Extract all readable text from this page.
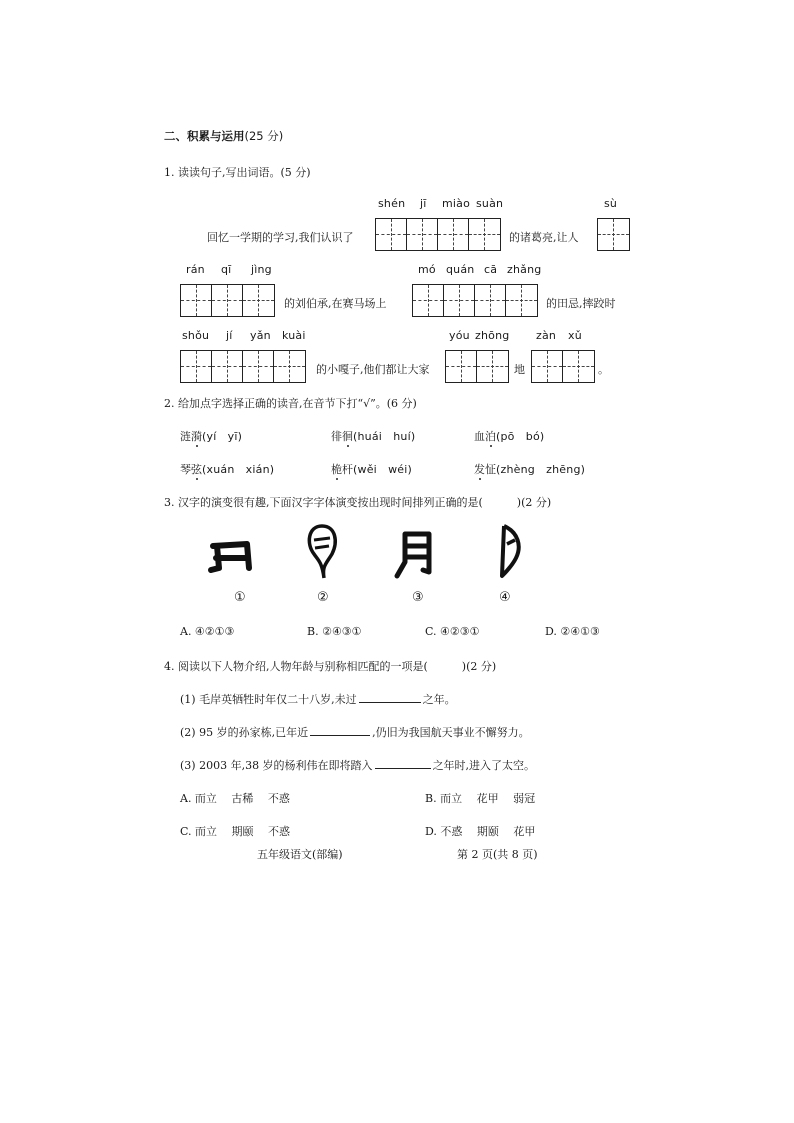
二、积累与运用(25 分)
1. 读读句子,写出词语。(5 分)
shén jī miào suàn	sù
回忆一学期的学习,我们认识了	的诸葛亮,让人
rán qī jìng	mó quán cā zhǎng
的刘伯承,在赛马场上	的田忌,摔跤时
shǒu jí yǎn kuài	yóu zhōng zàn xǔ
的小嘎子,他们都让大家	地	。
2. 给加点字选择正确的读音,在音节下打“√”。(6 分)
涟漪(yí　yī)	徘徊(huái　huí)	血泊(pō　bó)
琴弦(xuán　xián)	桅杆(wěi　wéi)	发怔(zhèng　zhēng)
3. 汉字的演变很有趣,下面汉字字体演变按出现时间排列正确的是(	)(2 分)
①	②	③	④
A. ④②①③	B. ②④③①	C. ④②③①	D. ②④①③
4. 阅读以下人物介绍,人物年龄与别称相匹配的一项是(	)(2 分)
(1) 毛岸英牺牲时年仅二十八岁,未过	之年。
(2) 95 岁的孙家栋,已年近	,仍旧为我国航天事业不懈努力。
(3) 2003 年,38 岁的杨利伟在即将踏入	之年时,进入了太空。
A. 而立　 古稀　 不惑	B. 而立　 花甲　 弱冠
C. 而立　 期颐　 不惑	D. 不惑　 期颐　 花甲
五年级语文(部编)	第 2 页(共 8 页)
